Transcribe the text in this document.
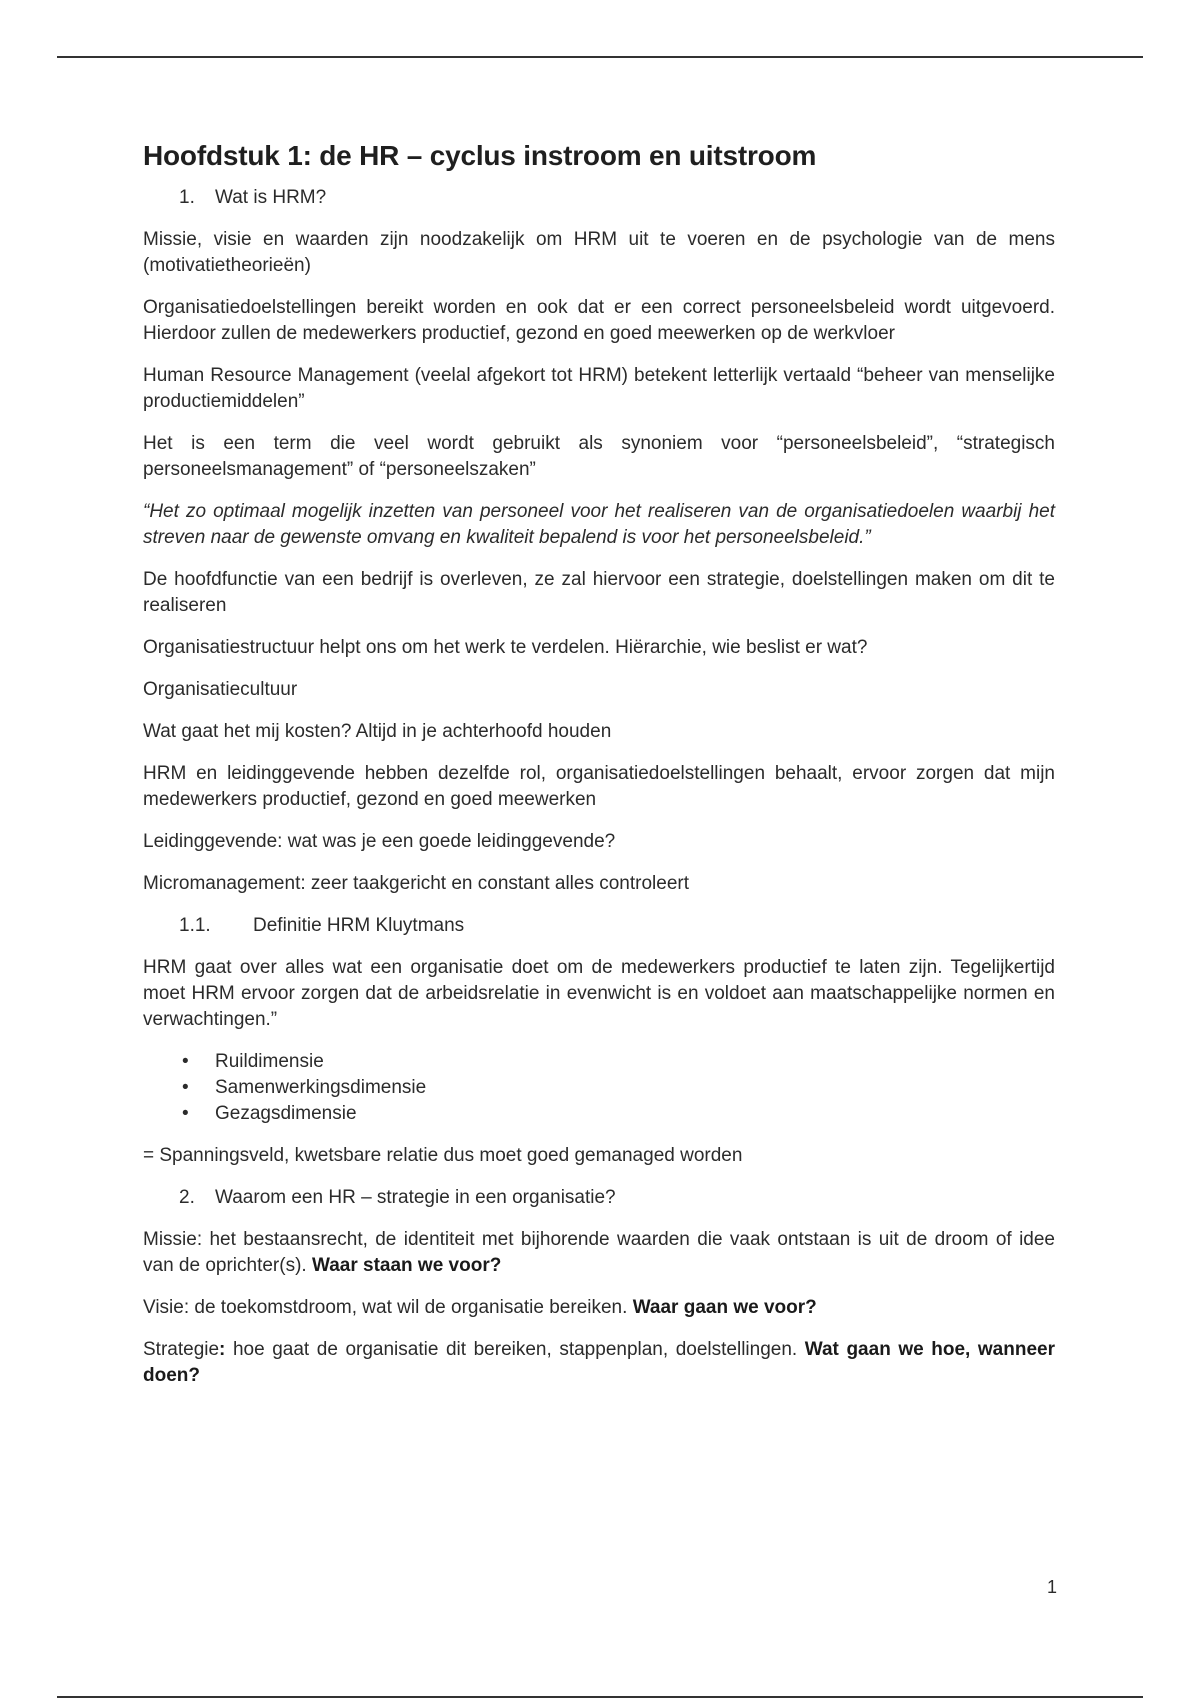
Hoofdstuk 1: de HR – cyclus instroom en uitstroom

1. Wat is HRM?

Missie, visie en waarden zijn noodzakelijk om HRM uit te voeren en de psychologie van de mens (motivatietheorieën)

Organisatiedoelstellingen bereikt worden en ook dat er een correct personeelsbeleid wordt uitgevoerd. Hierdoor zullen de medewerkers productief, gezond en goed meewerken op de werkvloer

Human Resource Management (veelal afgekort tot HRM) betekent letterlijk vertaald “beheer van menselijke productiemiddelen”

Het is een term die veel wordt gebruikt als synoniem voor “personeelsbeleid”, “strategisch personeelsmanagement” of “personeelszaken”

“Het zo optimaal mogelijk inzetten van personeel voor het realiseren van de organisatiedoelen waarbij het streven naar de gewenste omvang en kwaliteit bepalend is voor het personeelsbeleid.”

De hoofdfunctie van een bedrijf is overleven, ze zal hiervoor een strategie, doelstellingen maken om dit te realiseren

Organisatiestructuur helpt ons om het werk te verdelen. Hiërarchie, wie beslist er wat?

Organisatiecultuur

Wat gaat het mij kosten? Altijd in je achterhoofd houden

HRM en leidinggevende hebben dezelfde rol, organisatiedoelstellingen behaalt, ervoor zorgen dat mijn medewerkers productief, gezond en goed meewerken

Leidinggevende: wat was je een goede leidinggevende?

Micromanagement: zeer taakgericht en constant alles controleert

1.1. Definitie HRM Kluytmans

HRM gaat over alles wat een organisatie doet om de medewerkers productief te laten zijn. Tegelijkertijd moet HRM ervoor zorgen dat de arbeidsrelatie in evenwicht is en voldoet aan maatschappelijke normen en verwachtingen.”

• Ruildimensie
• Samenwerkingsdimensie
• Gezagsdimensie

= Spanningsveld, kwetsbare relatie dus moet goed gemanaged worden

2. Waarom een HR – strategie in een organisatie?

Missie: het bestaansrecht, de identiteit met bijhorende waarden die vaak ontstaan is uit de droom of idee van de oprichter(s). Waar staan we voor?

Visie: de toekomstdroom, wat wil de organisatie bereiken. Waar gaan we voor?

Strategie: hoe gaat de organisatie dit bereiken, stappenplan, doelstellingen. Wat gaan we hoe, wanneer doen?

1
